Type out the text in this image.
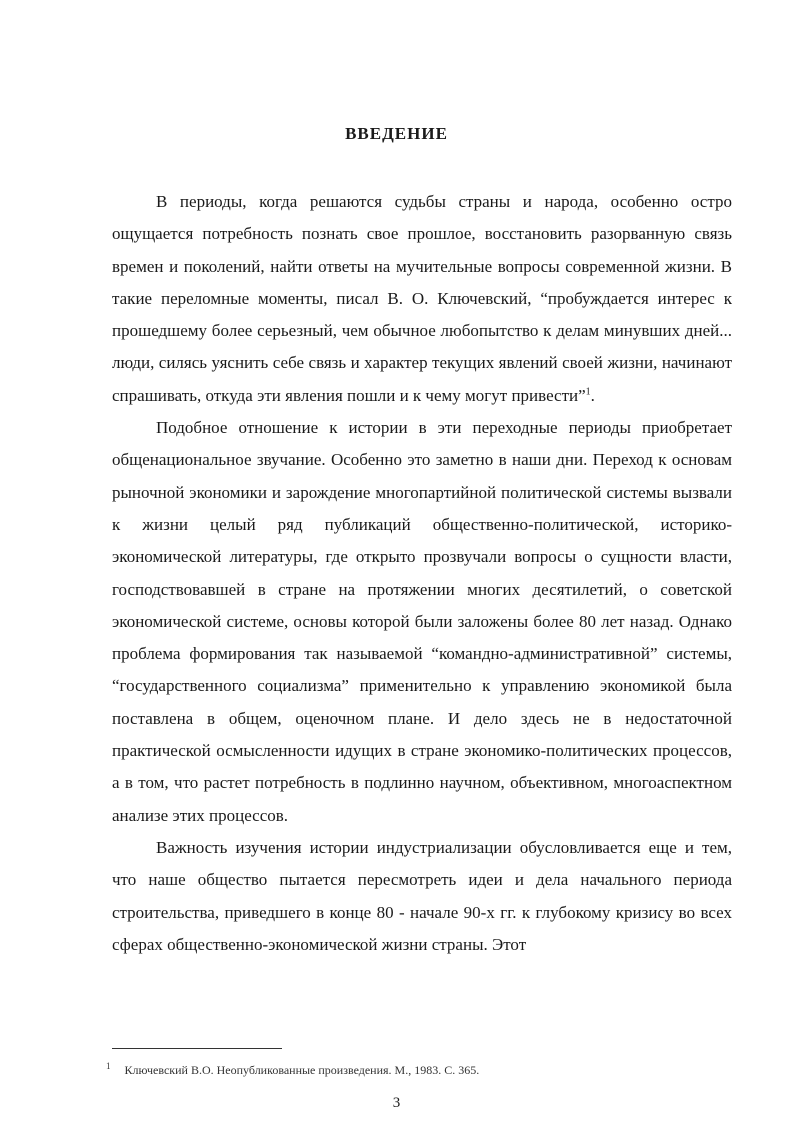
ВВЕДЕНИЕ

В периоды, когда решаются судьбы страны и народа, особенно остро ощущается потребность познать свое прошлое, восстановить разорванную связь времен и поколений, найти ответы на мучительные вопросы современной жизни. В такие переломные моменты, писал В. О. Ключевский, “пробуждается интерес к прошедшему более серьезный, чем обычное любопытство к делам минувших дней... люди, силясь уяснить себе связь и характер текущих явлений своей жизни, начинают спрашивать, откуда эти явления пошли и к чему могут привести”$^1$.

Подобное отношение к истории в эти переходные периоды приобретает общенациональное звучание. Особенно это заметно в наши дни. Переход к основам рыночной экономики и зарождение многопартийной политической системы вызвали к жизни целый ряд публикаций общественно-политической, историко-экономической литературы, где открыто прозвучали вопросы о сущности власти, господствовавшей в стране на протяжении многих десятилетий, о советской экономической системе, основы которой были заложены более 80 лет назад. Однако проблема формирования так называемой “командно-административной” системы, “государственного социализма” применительно к управлению экономикой была поставлена в общем, оценочном плане. И дело здесь не в недостаточной практической осмысленности идущих в стране экономико-политических процессов, а в том, что растет потребность в подлинно научном, объективном, многоаспектном анализе этих процессов.

Важность изучения истории индустриализации обусловливается еще и тем, что наше общество пытается пересмотреть идеи и дела начального периода строительства, приведшего в конце 80 - начале 90-х гг. к глубокому кризису во всех сферах общественно-экономической жизни страны. Этот

$^1$ Ключевский В.О. Неопубликованные произведения. М., 1983. С. 365.
3
